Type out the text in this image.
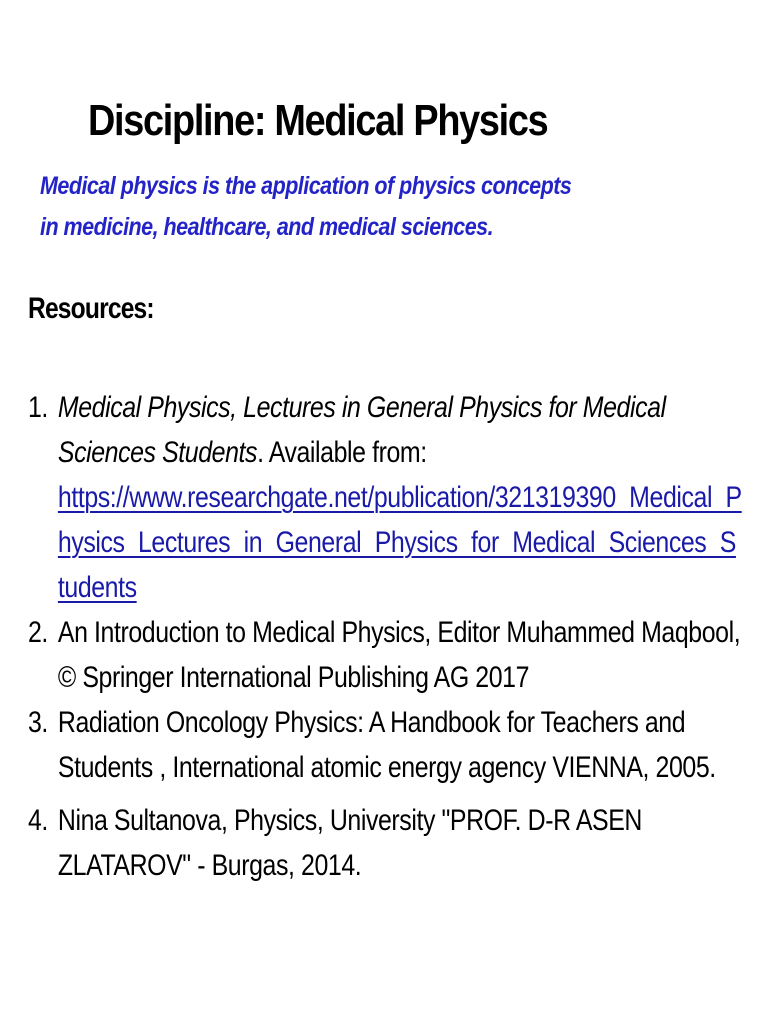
Discipline: Medical Physics

Medical physics is the application of physics concepts in medicine, healthcare, and medical sciences.

Resources:
1. Medical Physics, Lectures in General Physics for Medical Sciences Students. Available from:
https://www.researchgate.net/publication/321319390_Medical_Physics_Lectures_in_General_Physics_for_Medical_Sciences_Students
2. An Introduction to Medical Physics, Editor Muhammed Maqbool, © Springer International Publishing AG 2017
3. Radiation Oncology Physics: A Handbook for Teachers and Students , International atomic energy agency VIENNA, 2005.
4. Nina Sultanova, Physics, University "PROF. D-R ASEN ZLATAROV" - Burgas, 2014.
